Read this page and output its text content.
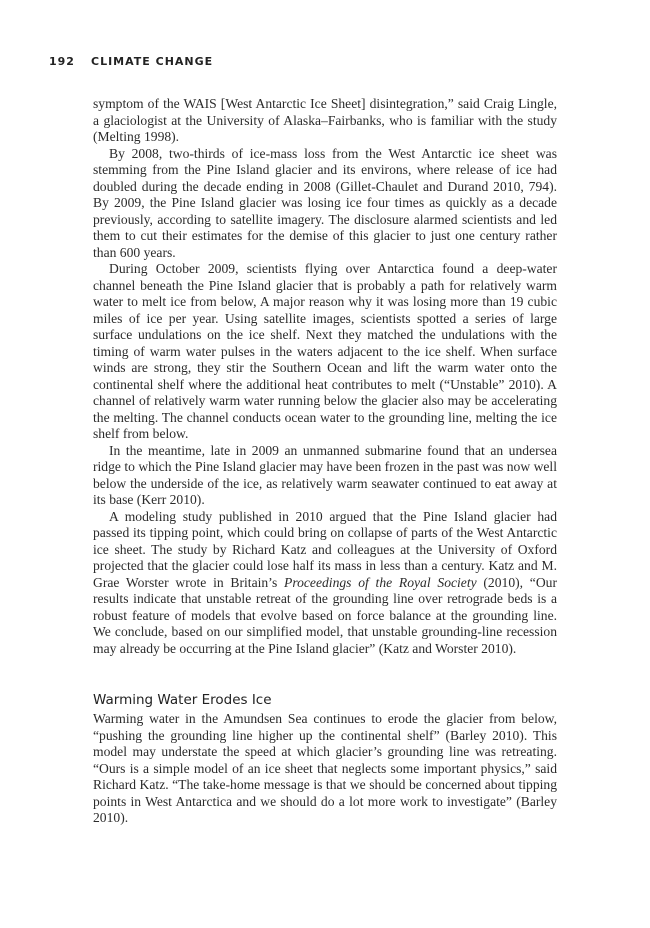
192 CLIMATE CHANGE

symptom of the WAIS [West Antarctic Ice Sheet] disintegration,” said Craig Lingle, a glaciologist at the University of Alaska–Fairbanks, who is familiar with the study (Melting 1998).

By 2008, two-thirds of ice-mass loss from the West Antarctic ice sheet was stemming from the Pine Island glacier and its environs, where release of ice had doubled during the decade ending in 2008 (Gillet-Chaulet and Durand 2010, 794). By 2009, the Pine Island glacier was losing ice four times as quickly as a decade previously, according to satellite imagery. The disclosure alarmed scientists and led them to cut their estimates for the demise of this glacier to just one century rather than 600 years.

During October 2009, scientists flying over Antarctica found a deep-water channel beneath the Pine Island glacier that is probably a path for relatively warm water to melt ice from below, A major reason why it was losing more than 19 cubic miles of ice per year. Using satellite images, scientists spotted a series of large surface undulations on the ice shelf. Next they matched the undulations with the timing of warm water pulses in the waters adjacent to the ice shelf. When surface winds are strong, they stir the Southern Ocean and lift the warm water onto the continental shelf where the additional heat contributes to melt (“Unstable” 2010). A channel of relatively warm water running below the glacier also may be accelerating the melting. The channel conducts ocean water to the grounding line, melting the ice shelf from below.

In the meantime, late in 2009 an unmanned submarine found that an undersea ridge to which the Pine Island glacier may have been frozen in the past was now well below the underside of the ice, as relatively warm seawater continued to eat away at its base (Kerr 2010).

A modeling study published in 2010 argued that the Pine Island glacier had passed its tipping point, which could bring on collapse of parts of the West Antarctic ice sheet. The study by Richard Katz and colleagues at the University of Oxford projected that the glacier could lose half its mass in less than a century. Katz and M. Grae Worster wrote in Britain’s Proceedings of the Royal Society (2010), “Our results indicate that unstable retreat of the grounding line over retrograde beds is a robust feature of models that evolve based on force balance at the grounding line. We conclude, based on our simplified model, that unstable grounding-line recession may already be occurring at the Pine Island glacier” (Katz and Worster 2010).

Warming Water Erodes Ice

Warming water in the Amundsen Sea continues to erode the glacier from below, “pushing the grounding line higher up the continental shelf” (Barley 2010). This model may understate the speed at which glacier’s grounding line was retreating. “Ours is a simple model of an ice sheet that neglects some important physics,” said Richard Katz. “The take-home message is that we should be concerned about tipping points in West Antarctica and we should do a lot more work to investigate” (Barley 2010).
